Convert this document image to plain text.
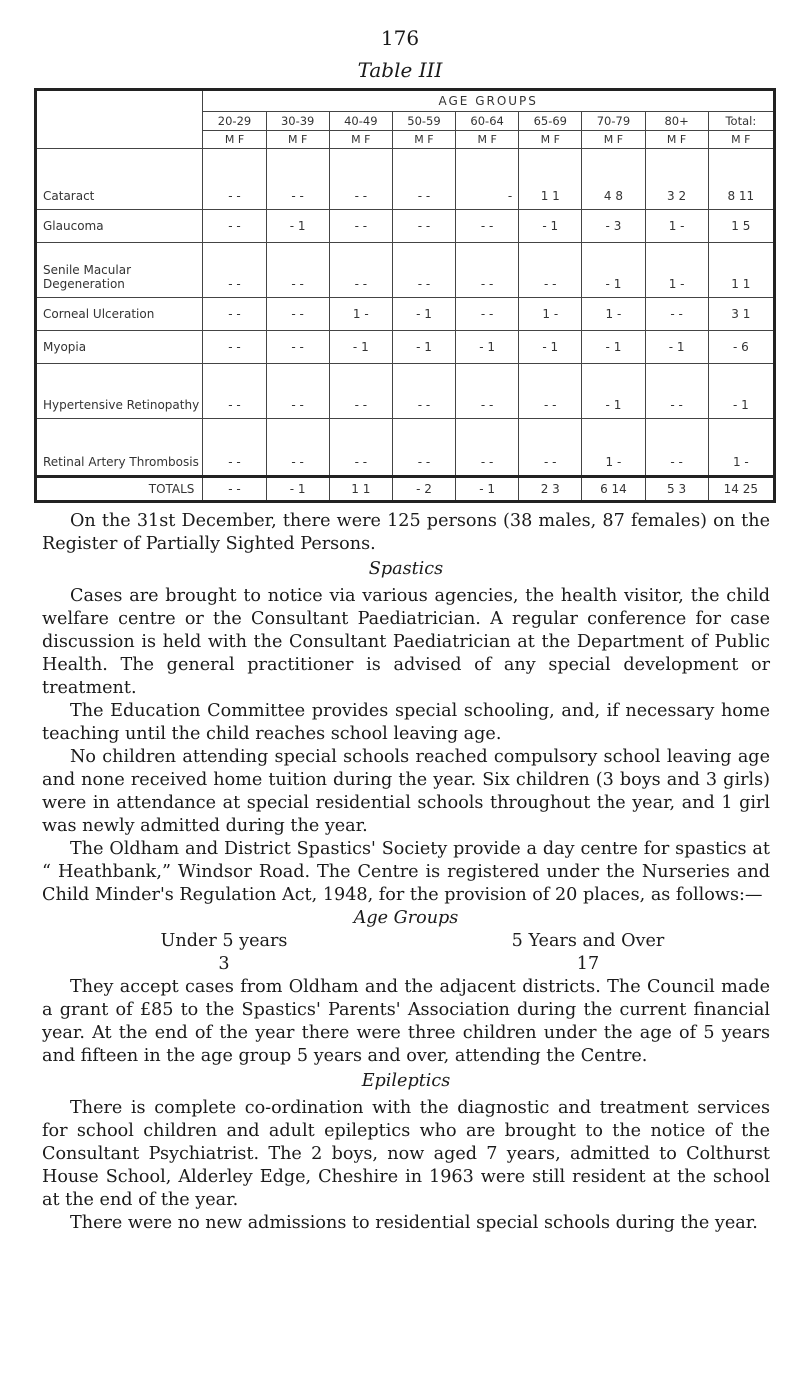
176
Table III
	AGE GROUPS								
	20-29	30-39	40-49	50-59	60-64	65-69	70-79	80+	Total:
	M F	M F	M F	M F	M F	M F	M F	M F	M F
Cataract	- -	- -	- -	- -	-	1 1	4 8	3 2	8 11
Glaucoma	- -	- 1	- -	- -	- -	- 1	- 3	1 -	1 5
Senile Macular Degeneration	- -	- -	- -	- -	- -	- -	- 1	1 -	1 1
Corneal Ulceration	- -	- -	1 -	- 1	- -	1 -	1 -	- -	3 1
Myopia	- -	- -	- 1	- 1	- 1	- 1	- 1	- 1	- 6
Hypertensive Retinopathy	- -	- -	- -	- -	- -	- -	- 1	- -	- 1
Retinal Artery Thrombosis	- -	- -	- -	- -	- -	- -	1 -	- -	1 -
TOTALS	- -	- 1	1 1	- 2	- 1	2 3	6 14	5 3	14 25

On the 31st December, there were 125 persons (38 males, 87 females) on the Register of Partially Sighted Persons.

Spastics

Cases are brought to notice via various agencies, the health visitor, the child welfare centre or the Consultant Paediatrician. A regular conference for case discussion is held with the Consultant Paediatrician at the Department of Public Health. The general practitioner is advised of any special development or treatment.

The Education Committee provides special schooling, and, if necessary home teaching until the child reaches school leaving age.

No children attending special schools reached compulsory school leaving age and none received home tuition during the year. Six children (3 boys and 3 girls) were in attendance at special residential schools throughout the year, and 1 girl was newly admitted during the year.

The Oldham and District Spastics' Society provide a day centre for spastics at “ Heathbank,” Windsor Road. The Centre is registered under the Nurseries and Child Minder's Regulation Act, 1948, for the provision of 20 places, as follows:—

Age Groups
Under 5 years	5 Years and Over
3	17

They accept cases from Oldham and the adjacent districts. The Council made a grant of £85 to the Spastics' Parents' Association during the current financial year. At the end of the year there were three children under the age of 5 years and fifteen in the age group 5 years and over, attending the Centre.

Epileptics

There is complete co-ordination with the diagnostic and treatment services for school children and adult epileptics who are brought to the notice of the Consultant Psychiatrist. The 2 boys, now aged 7 years, admitted to Colthurst House School, Alderley Edge, Cheshire in 1963 were still resident at the school at the end of the year.

There were no new admissions to residential special schools during the year.
